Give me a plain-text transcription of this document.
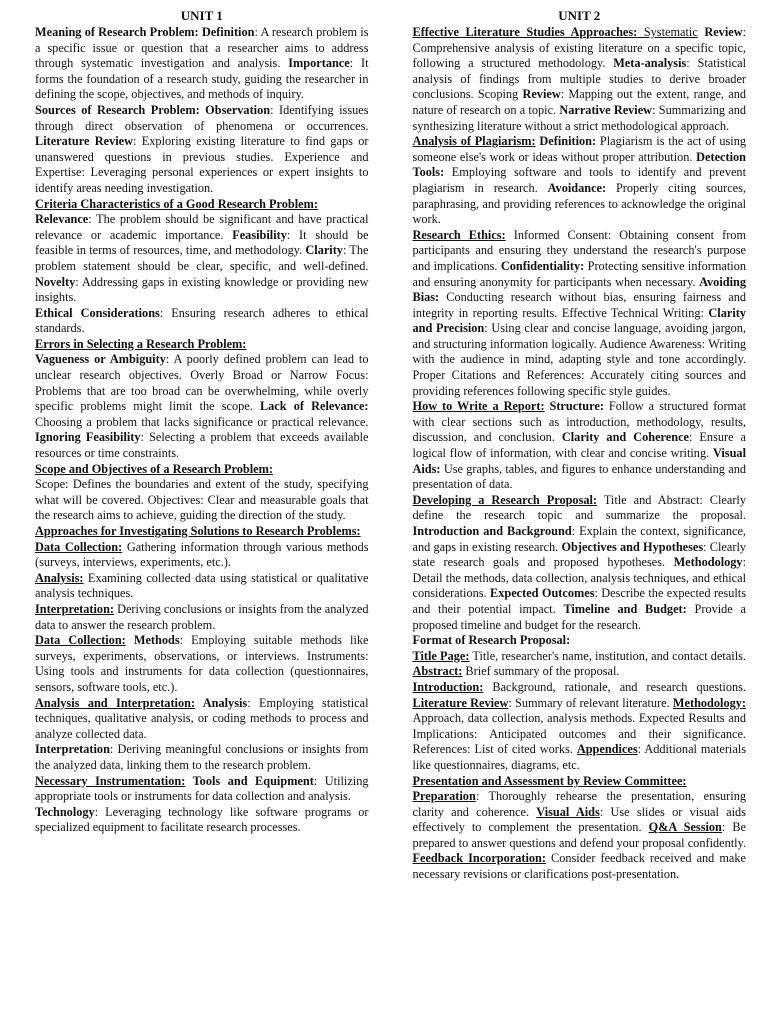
UNIT 1

Meaning of Research Problem: Definition: A research problem is a specific issue or question that a researcher aims to address through systematic investigation and analysis. Importance: It forms the foundation of a research study, guiding the researcher in defining the scope, objectives, and methods of inquiry.

Sources of Research Problem: Observation: Identifying issues through direct observation of phenomena or occurrences. Literature Review: Exploring existing literature to find gaps or unanswered questions in previous studies. Experience and Expertise: Leveraging personal experiences or expert insights to identify areas needing investigation.

Criteria Characteristics of a Good Research Problem:

Relevance: The problem should be significant and have practical relevance or academic importance. Feasibility: It should be feasible in terms of resources, time, and methodology. Clarity: The problem statement should be clear, specific, and well-defined. Novelty: Addressing gaps in existing knowledge or providing new insights.

Ethical Considerations: Ensuring research adheres to ethical standards.

Errors in Selecting a Research Problem:

Vagueness or Ambiguity: A poorly defined problem can lead to unclear research objectives. Overly Broad or Narrow Focus: Problems that are too broad can be overwhelming, while overly specific problems might limit the scope. Lack of Relevance: Choosing a problem that lacks significance or practical relevance. Ignoring Feasibility: Selecting a problem that exceeds available resources or time constraints.

Scope and Objectives of a Research Problem:

Scope: Defines the boundaries and extent of the study, specifying what will be covered. Objectives: Clear and measurable goals that the research aims to achieve, guiding the direction of the study.

Approaches for Investigating Solutions to Research Problems:

Data Collection: Gathering information through various methods (surveys, interviews, experiments, etc.).

Analysis: Examining collected data using statistical or qualitative analysis techniques.

Interpretation: Deriving conclusions or insights from the analyzed data to answer the research problem.

Data Collection: Methods: Employing suitable methods like surveys, experiments, observations, or interviews. Instruments: Using tools and instruments for data collection (questionnaires, sensors, software tools, etc.).

Analysis and Interpretation: Analysis: Employing statistical techniques, qualitative analysis, or coding methods to process and analyze collected data.

Interpretation: Deriving meaningful conclusions or insights from the analyzed data, linking them to the research problem.

Necessary Instrumentation: Tools and Equipment: Utilizing appropriate tools or instruments for data collection and analysis.

Technology: Leveraging technology like software programs or specialized equipment to facilitate research processes.

UNIT 2

Effective Literature Studies Approaches: Systematic Review: Comprehensive analysis of existing literature on a specific topic, following a structured methodology. Meta-analysis: Statistical analysis of findings from multiple studies to derive broader conclusions. Scoping Review: Mapping out the extent, range, and nature of research on a topic. Narrative Review: Summarizing and synthesizing literature without a strict methodological approach.

Analysis of Plagiarism: Definition: Plagiarism is the act of using someone else's work or ideas without proper attribution. Detection Tools: Employing software and tools to identify and prevent plagiarism in research. Avoidance: Properly citing sources, paraphrasing, and providing references to acknowledge the original work.

Research Ethics: Informed Consent: Obtaining consent from participants and ensuring they understand the research's purpose and implications. Confidentiality: Protecting sensitive information and ensuring anonymity for participants when necessary. Avoiding Bias: Conducting research without bias, ensuring fairness and integrity in reporting results. Effective Technical Writing: Clarity and Precision: Using clear and concise language, avoiding jargon, and structuring information logically. Audience Awareness: Writing with the audience in mind, adapting style and tone accordingly. Proper Citations and References: Accurately citing sources and providing references following specific style guides.

How to Write a Report: Structure: Follow a structured format with clear sections such as introduction, methodology, results, discussion, and conclusion. Clarity and Coherence: Ensure a logical flow of information, with clear and concise writing. Visual Aids: Use graphs, tables, and figures to enhance understanding and presentation of data.

Developing a Research Proposal: Title and Abstract: Clearly define the research topic and summarize the proposal. Introduction and Background: Explain the context, significance, and gaps in existing research. Objectives and Hypotheses: Clearly state research goals and proposed hypotheses. Methodology: Detail the methods, data collection, analysis techniques, and ethical considerations. Expected Outcomes: Describe the expected results and their potential impact. Timeline and Budget: Provide a proposed timeline and budget for the research.

Format of Research Proposal:

Title Page: Title, researcher's name, institution, and contact details. Abstract: Brief summary of the proposal.

Introduction: Background, rationale, and research questions. Literature Review: Summary of relevant literature. Methodology: Approach, data collection, analysis methods. Expected Results and Implications: Anticipated outcomes and their significance. References: List of cited works. Appendices: Additional materials like questionnaires, diagrams, etc.

Presentation and Assessment by Review Committee:

Preparation: Thoroughly rehearse the presentation, ensuring clarity and coherence. Visual Aids: Use slides or visual aids effectively to complement the presentation. Q&A Session: Be prepared to answer questions and defend your proposal confidently. Feedback Incorporation: Consider feedback received and make necessary revisions or clarifications post-presentation.
